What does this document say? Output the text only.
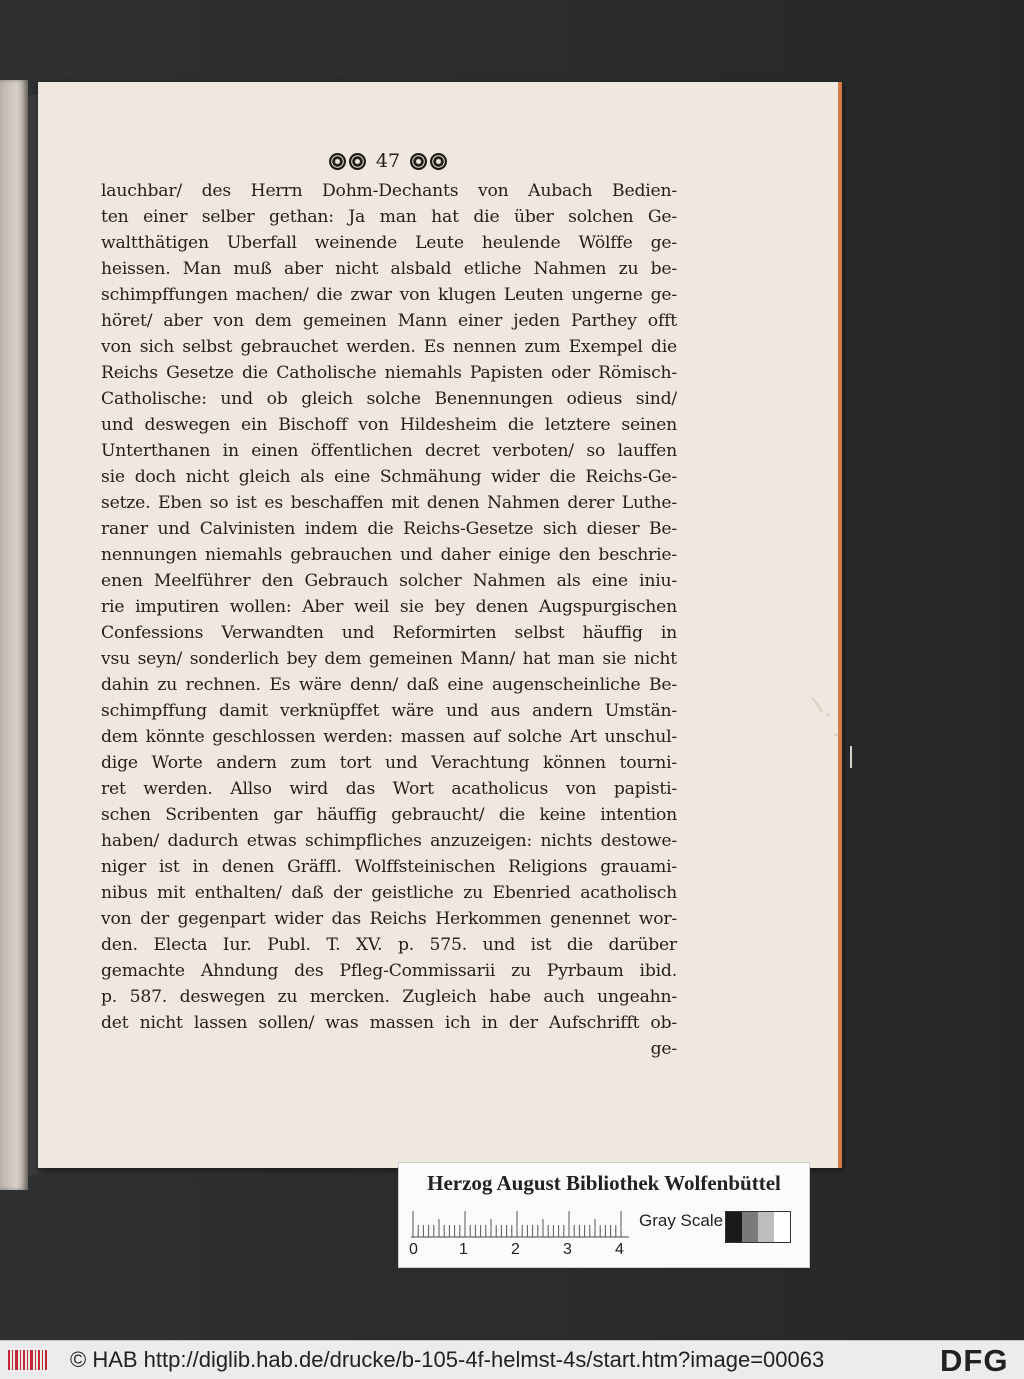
47
lauchbar/ des Herrn Dohm-Dechants von Aubach Bedien-
ten einer selber gethan: Ja man hat die über solchen Ge-
waltthätigen Uberfall weinende Leute heulende Wölffe ge-
heissen. Man muß aber nicht alsbald etliche Nahmen zu be-
schimpffungen machen/ die zwar von klugen Leuten ungerne ge-
höret/ aber von dem gemeinen Mann einer jeden Parthey offt
von sich selbst gebrauchet werden. Es nennen zum Exempel die
Reichs Gesetze die Catholische niemahls Papisten oder Römisch-
Catholische: und ob gleich solche Benennungen odieus sind/
und deswegen ein Bischoff von Hildesheim die letztere seinen
Unterthanen in einen öffentlichen decret verboten/ so lauffen
sie doch nicht gleich als eine Schmähung wider die Reichs-Ge-
setze. Eben so ist es beschaffen mit denen Nahmen derer Luthe-
raner und Calvinisten indem die Reichs-Gesetze sich dieser Be-
nennungen niemahls gebrauchen und daher einige den beschrie-
enen Meelführer den Gebrauch solcher Nahmen als eine iniu-
rie imputiren wollen: Aber weil sie bey denen Augspurgischen
Confessions Verwandten und Reformirten selbst häuffig in
vsu seyn/ sonderlich bey dem gemeinen Mann/ hat man sie nicht
dahin zu rechnen. Es wäre denn/ daß eine augenscheinliche Be-
schimpffung damit verknüpffet wäre und aus andern Umstän-
dem könnte geschlossen werden: massen auf solche Art unschul-
dige Worte andern zum tort und Verachtung können tourni-
ret werden. Allso wird das Wort acatholicus von papisti-
schen Scribenten gar häuffig gebraucht/ die keine intention
haben/ dadurch etwas schimpfliches anzuzeigen: nichts destowe-
niger ist in denen Gräffl. Wolffsteinischen Religions grauami-
nibus mit enthalten/ daß der geistliche zu Ebenried acatholisch
von der gegenpart wider das Reichs Herkommen genennet wor-
den. Electa Iur. Publ. T. XV. p. 575. und ist die darüber
gemachte Ahndung des Pfleg-Commissarii zu Pyrbaum ibid.
p. 587. deswegen zu mercken. Zugleich habe auch ungeahn-
det nicht lassen sollen/ was massen ich in der Aufschrifft ob-
ge-
Herzog August Bibliothek Wolfenbüttel
0	1	2	3	4
Gray Scale
© HAB http://diglib.hab.de/drucke/b-105-4f-helmst-4s/start.htm?image=00063	DFG
